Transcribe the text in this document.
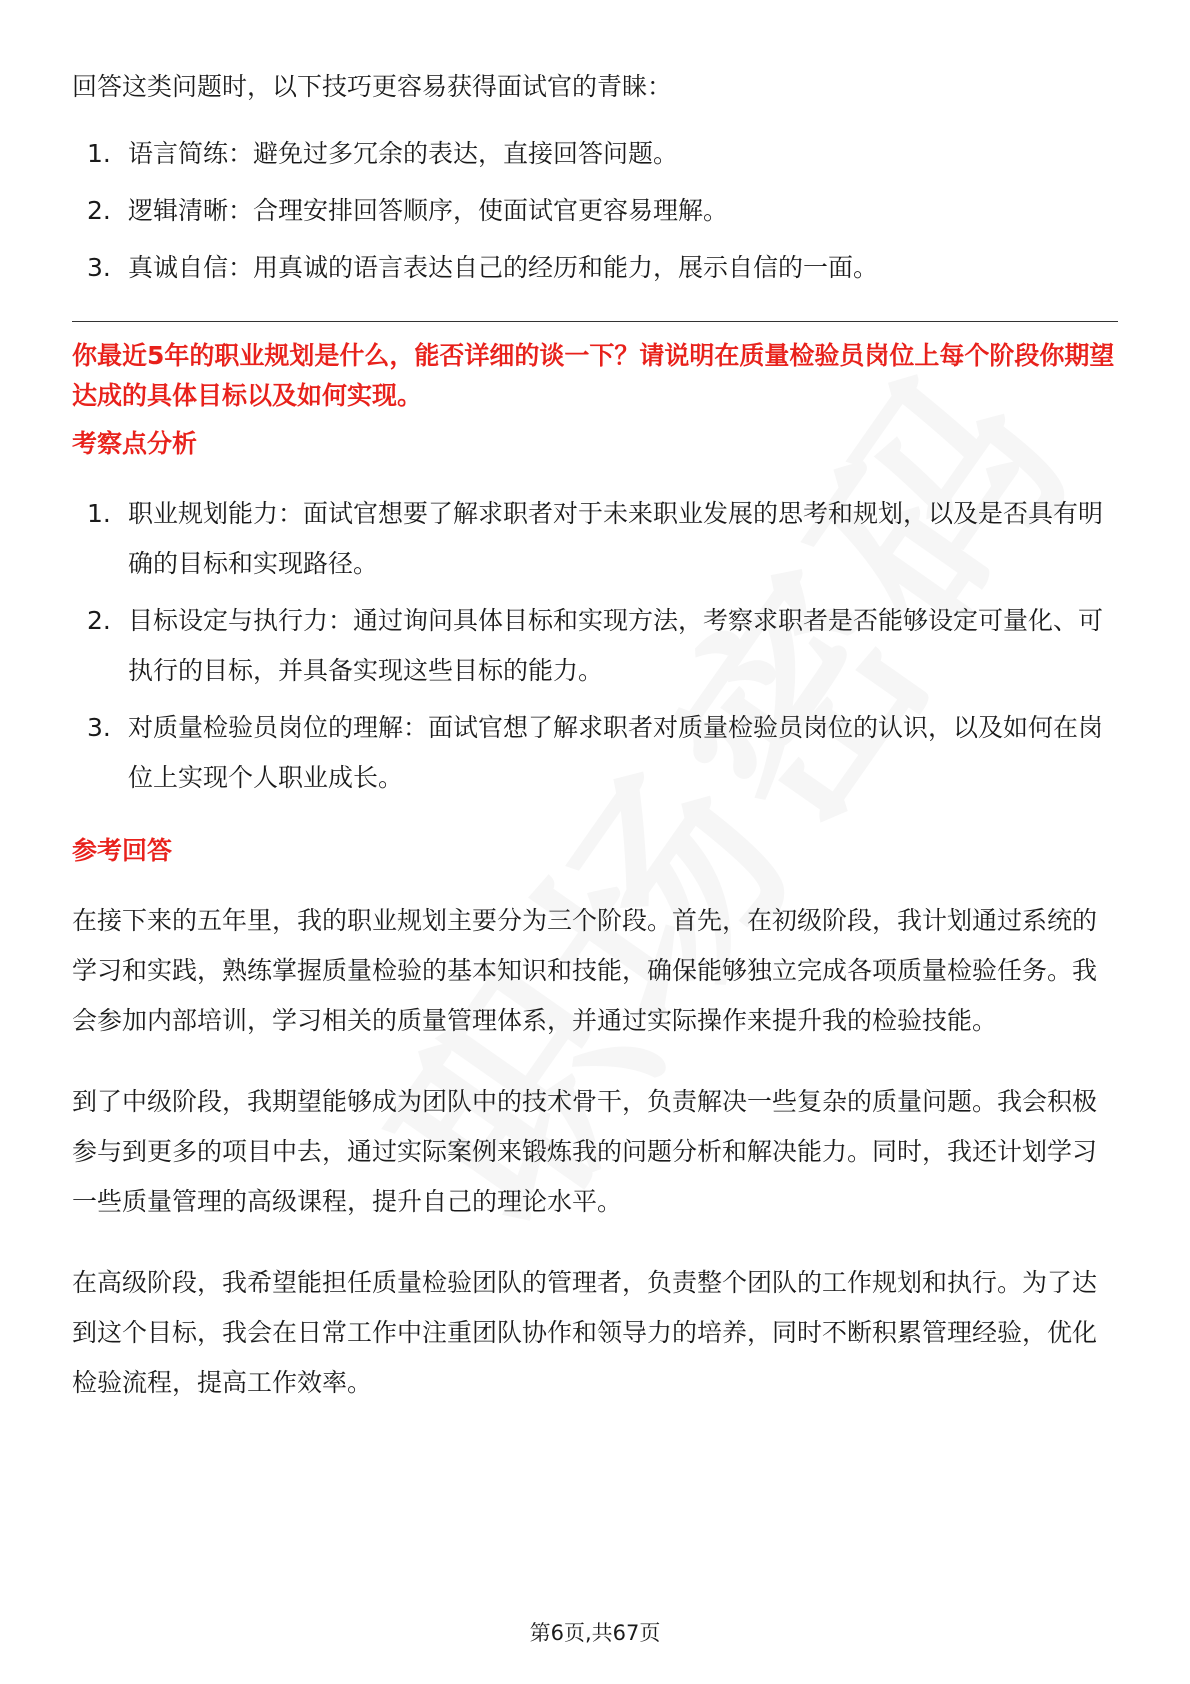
回答这类问题时，以下技巧更容易获得面试官的青睐：

1. 语言简练：避免过多冗余的表达，直接回答问题。
2. 逻辑清晰：合理安排回答顺序，使面试官更容易理解。
3. 真诚自信：用真诚的语言表达自己的经历和能力，展示自信的一面。

你最近5年的职业规划是什么，能否详细的谈一下？请说明在质量检验员岗位上每个阶段你期望达成的具体目标以及如何实现。

考察点分析

1. 职业规划能力：面试官想要了解求职者对于未来职业发展的思考和规划，以及是否具有明确的目标和实现路径。
2. 目标设定与执行力：通过询问具体目标和实现方法，考察求职者是否能够设定可量化、可执行的目标，并具备实现这些目标的能力。
3. 对质量检验员岗位的理解：面试官想了解求职者对质量检验员岗位的认识，以及如何在岗位上实现个人职业成长。

参考回答

在接下来的五年里，我的职业规划主要分为三个阶段。首先，在初级阶段，我计划通过系统的学习和实践，熟练掌握质量检验的基本知识和技能，确保能够独立完成各项质量检验任务。我会参加内部培训，学习相关的质量管理体系，并通过实际操作来提升我的检验技能。

到了中级阶段，我期望能够成为团队中的技术骨干，负责解决一些复杂的质量问题。我会积极参与到更多的项目中去，通过实际案例来锻炼我的问题分析和解决能力。同时，我还计划学习一些质量管理的高级课程，提升自己的理论水平。

在高级阶段，我希望能担任质量检验团队的管理者，负责整个团队的工作规划和执行。为了达到这个目标，我会在日常工作中注重团队协作和领导力的培养，同时不断积累管理经验，优化检验流程，提高工作效率。

第6页,共67页
